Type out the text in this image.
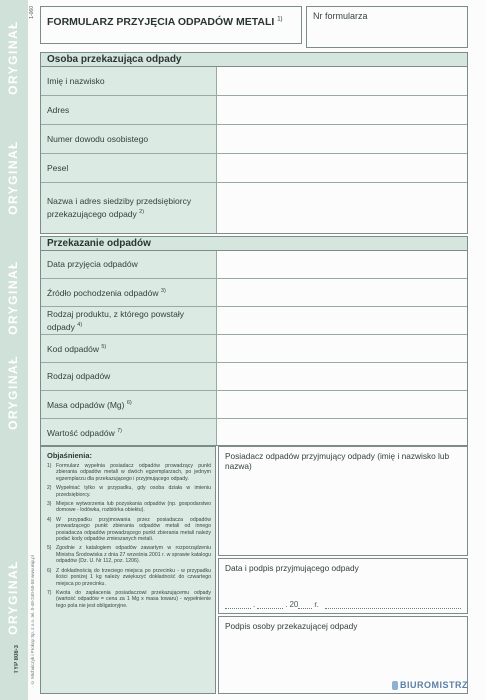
ORYGINAŁ
ORYGINAŁ
ORYGINAŁ
ORYGINAŁ
ORYGINAŁ
TYP 808-3
1-060
© Michalczyk i Prokop Sp. z o.o. tel. 0-48-240-50-58 www.mip.pl
FORMULARZ PRZYJĘCIA ODPADÓW METALI $^{1)}$	Nr formularza
Osoba przekazująca odpady
Imię i nazwisko
Adres
Numer dowodu osobistego
Pesel
Nazwa i adres siedziby przedsiębiorcy przekazującego odpady $^{2)}$
Przekazanie odpadów
Data przyjęcia odpadów
Źródło pochodzenia odpadów $^{3)}$
Rodzaj produktu, z którego powstały odpady $^{4)}$
Kod odpadów $^{5)}$
Rodzaj odpadów
Masa odpadów (Mg) $^{6)}$
Wartość odpadów $^{7)}$
Objaśnienia:
$^{1)}$ Formularz wypełnia posiadacz odpadów prowadzący punkt zbierania odpadów metali w dwóch egzemplarzach, po jednym egzemplarzu dla przekazującego i przyjmującego odpady.
$^{2)}$ Wypełniać tylko w przypadku, gdy osoba działa w imieniu przedsiębiorcy.
$^{3)}$ Miejsce wytworzenia lub pozyskania odpadów (np. gospodarstwo domowe - lodówka, rozbiórka obiektu).
$^{4)}$ W przypadku przyjmowania przez posiadacza odpadów prowadzącego punkt zbierania odpadów metali od innego posiadacza odpadów prowadzącego punkt zbierania metali należy podać kody odpadów zmieszanych metali.
$^{5)}$ Zgodnie z katalogiem odpadów zawartym w rozporządzeniu Ministra Środowiska z dnia 27 września 2001 r. w sprawie katalogu odpadów (Dz. U. Nr 112, poz. 1206).
$^{6)}$ Z dokładnością do trzeciego miejsca po przecinku - w przypadku ilości poniżej 1 kg należy zwiększyć dokładność do czwartego miejsca po przecinku.
$^{7)}$ Kwota do zapłacenia posiadaczowi przekazującemu odpady (wartość odpadów = cena za 1 Mg x masa towaru) - wypełnienie tego pola nie jest obligatoryjne.
Posiadacz odpadów przyjmujący odpady (imię i nazwisko lub nazwa)
Data i podpis przyjmującego odpady
.	. 20 r.
Podpis osoby przekazującej odpady
BIUROMISTRZ
